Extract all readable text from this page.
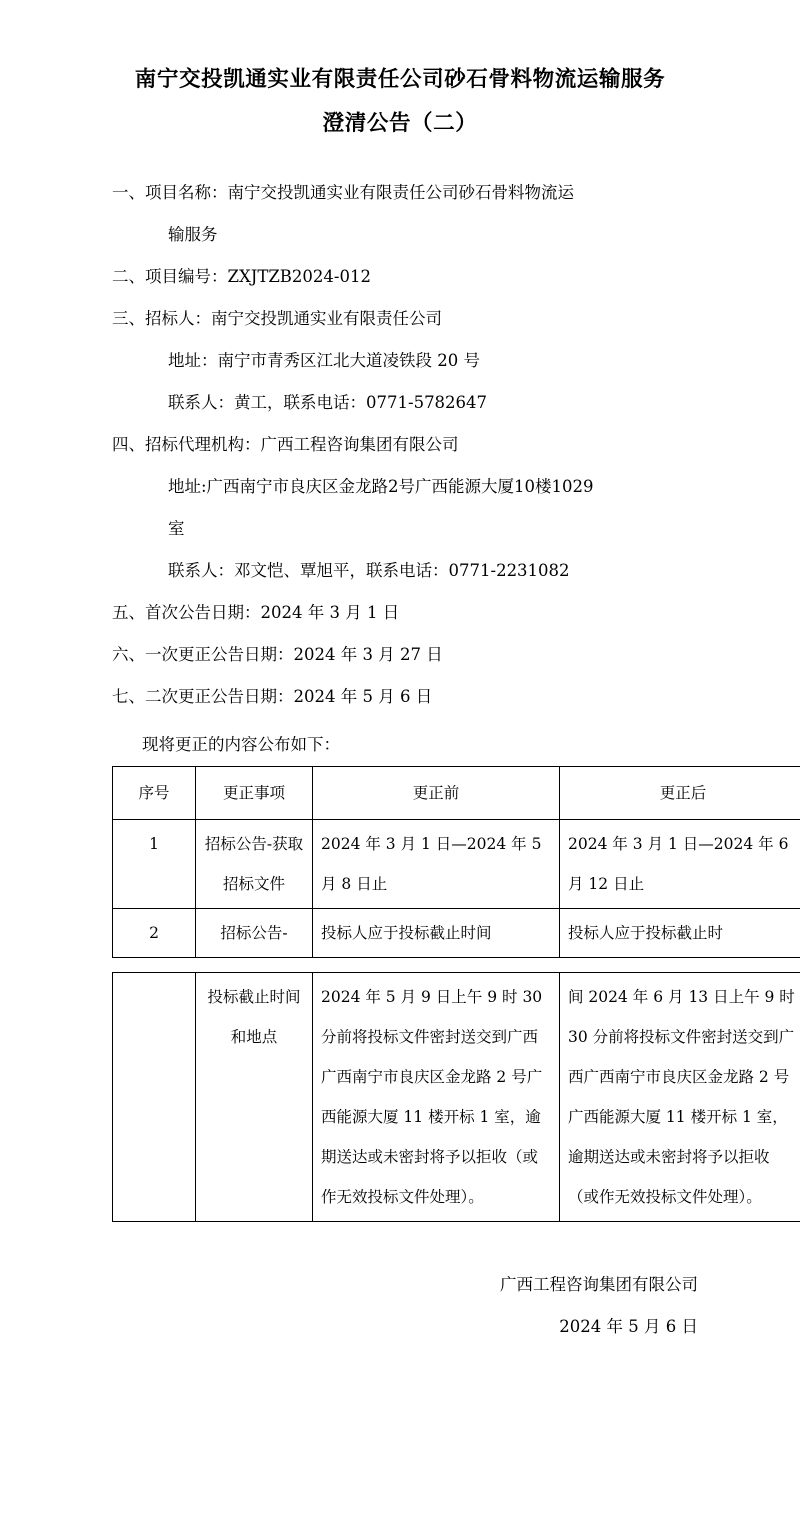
南宁交投凯通实业有限责任公司砂石骨料物流运输服务
澄清公告（二）
一、项目名称：南宁交投凯通实业有限责任公司砂石骨料物流运
输服务
二、项目编号：ZXJTZB2024-012
三、招标人：南宁交投凯通实业有限责任公司
地址：南宁市青秀区江北大道凌铁段 20 号
联系人：黄工，联系电话：0771-5782647
四、招标代理机构：广西工程咨询集团有限公司
地址:广西南宁市良庆区金龙路2号广西能源大厦10楼1029
室
联系人：邓文恺、覃旭平，联系电话：0771-2231082
五、首次公告日期：2024 年 3 月 1 日
六、一次更正公告日期：2024 年 3 月 27 日
七、二次更正公告日期：2024 年 5 月 6 日
现将更正的内容公布如下：
序号	更正事项	更正前	更正后
1	招标公告-获取招标文件	2024 年 3 月 1 日—2024 年 5 月 8 日止	2024 年 3 月 1 日—2024 年 6 月 12 日止
2	招标公告-	投标人应于投标截止时间	投标人应于投标截止时
	投标截止时间和地点	2024 年 5 月 9 日上午 9 时 30 分前将投标文件密封送交到广西广西南宁市良庆区金龙路 2 号广西能源大厦 11 楼开标 1 室，逾期送达或未密封将予以拒收（或作无效投标文件处理）。	间 2024 年 6 月 13 日上午 9 时 30 分前将投标文件密封送交到广西广西南宁市良庆区金龙路 2 号广西能源大厦 11 楼开标 1 室，逾期送达或未密封将予以拒收（或作无效投标文件处理）。
广西工程咨询集团有限公司
2024 年 5 月 6 日
